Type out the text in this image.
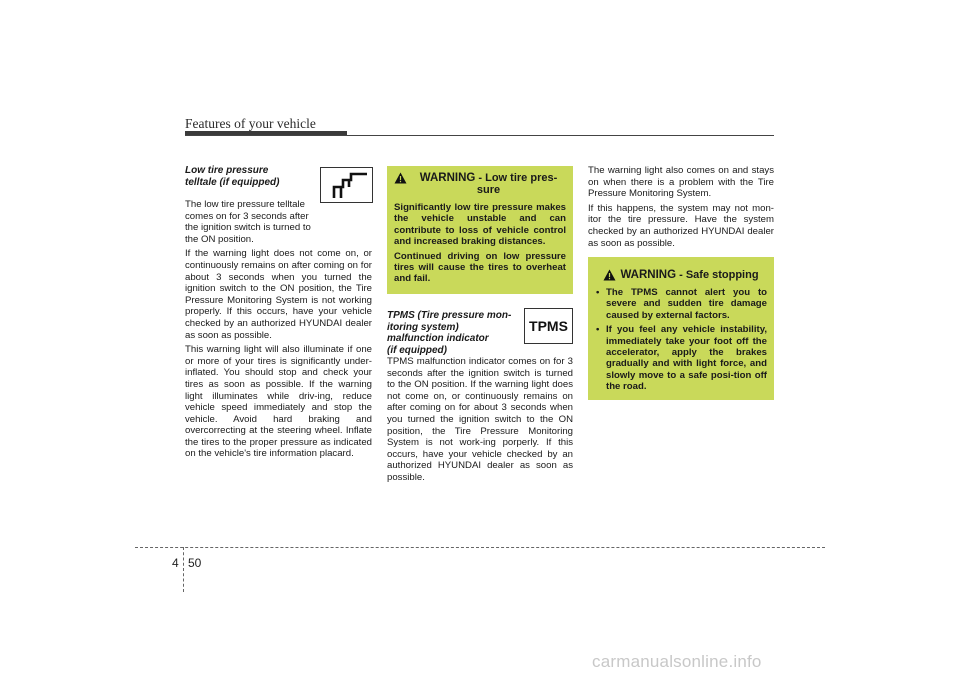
Features of your vehicle
Low tire pressure
telltale (if equipped)

The low tire pressure telltale comes on for 3 seconds after the ignition switch is turned to the ON position.

If the warning light does not come on, or continuously remains on after coming on for about 3 seconds when you turned the ignition switch to the ON position, the Tire Pressure Monitoring System is not working properly. If this occurs, have your vehicle checked by an authorized HYUNDAI dealer as soon as possible.

This warning light will also illuminate if one or more of your tires is significantly under-inflated. You should stop and check your tires as soon as possible. If the warning light illuminates while driv-ing, reduce vehicle speed immediately and stop the vehicle. Avoid hard braking and overcorrecting at the steering wheel. Inflate the tires to the proper pressure as indicated on the vehicle's tire information placard.

WARNING - Low tire pres-sure

Significantly low tire pressure makes the vehicle unstable and can contribute to loss of vehicle control and increased braking distances.

Continued driving on low pressure tires will cause the tires to overheat and fail.

TPMS
TPMS (Tire pressure mon-
itoring system)
malfunction indicator
(if equipped)

TPMS malfunction indicator comes on for 3 seconds after the ignition switch is turned to the ON position. If the warning light does not come on, or continuously remains on after coming on for about 3 seconds when you turned the ignition switch to the ON position, the Tire Pressure Monitoring System is not work-ing porperly. If this occurs, have your vehicle checked by an authorized HYUNDAI dealer as soon as possible.

The warning light also comes on and stays on when there is a problem with the Tire Pressure Monitoring System.

If this happens, the system may not mon-itor the tire pressure. Have the system checked by an authorized HYUNDAI dealer as soon as possible.

WARNING - Safe stopping
• The TPMS cannot alert you to severe and sudden tire damage caused by external factors.
• If you feel any vehicle instability, immediately take your foot off the accelerator, apply the brakes gradually and with light force, and slowly move to a safe posi-tion off the road.
4 50
carmanualsonline.info
